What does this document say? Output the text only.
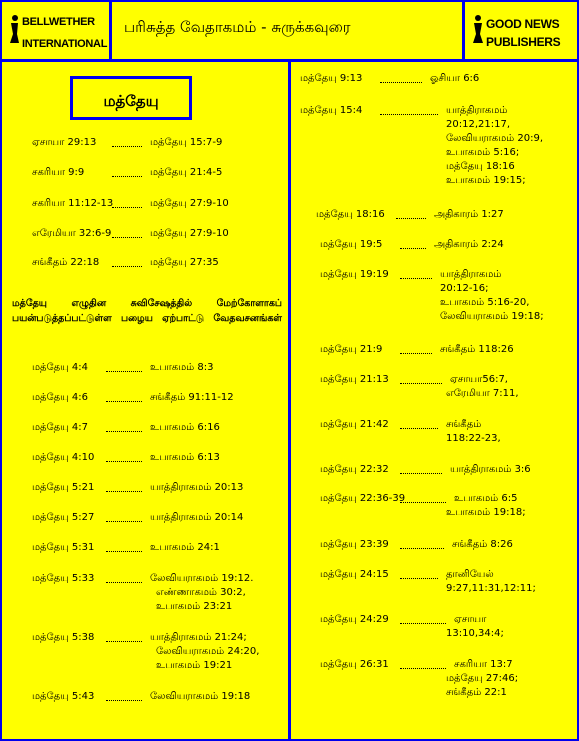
BELLWETHER
INTERNATIONAL
பரிசுத்த வேதாகமம் - சுருக்கவுரை	GOOD NEWS
PUBLISHERS
மத்தேயு
மத்தேயு எழுதின சுவிசேஷத்தில் மேற்கோளாகப் பயன்படுத்தப்பட்டுள்ள பழைய ஏற்பாட்டு வேதவசனங்கள்
ஏசாயா 29:13	மத்தேயு 15:7-9
சகரியா 9:9	மத்தேயு 21:4-5
சகரியா 11:12-13	மத்தேயு 27:9-10
எரேமியா 32:6-9	மத்தேயு 27:9-10
சங்கீதம் 22:18	மத்தேயு 27:35
மத்தேயு 4:4	உபாகமம் 8:3
மத்தேயு 4:6	சங்கீதம் 91:11-12
மத்தேயு 4:7	உபாகமம் 6:16
மத்தேயு 4:10	உபாகமம் 6:13
மத்தேயு 5:21	யாத்திராகமம் 20:13
மத்தேயு 5:27	யாத்திராகமம் 20:14
மத்தேயு 5:31	உபாகமம் 24:1
மத்தேயு 5:33	லேவியராகமம் 19:12.
எண்ணாகமம் 30:2,
உபாகமம் 23:21
மத்தேயு 5:38	யாத்திராகமம் 21:24;
லேவியராகமம் 24:20,
உபாகமம் 19:21
மத்தேயு 5:43	லேவியராகமம் 19:18
மத்தேயு 9:13	ஓசியா 6:6
மத்தேயு 15:4	யாத்திராகமம்
20:12,21:17,
லேவியராகமம் 20:9,
உபாகமம் 5:16;
மத்தேயு 18:16
உபாகமம் 19:15;
மத்தேயு 18:16	அதிகாரம் 1:27
மத்தேயு 19:5	அதிகாரம் 2:24
மத்தேயு 19:19	யாத்திராகமம்
20:12-16;
உபாகமம் 5:16-20,
லேவியராகமம் 19:18;
மத்தேயு 21:9	சங்கீதம் 118:26
மத்தேயு 21:13	ஏசாயா56:7,
எரேமியா 7:11,
மத்தேயு 21:42	சங்கீதம்
118:22-23,
மத்தேயு 22:32	யாத்திராகமம் 3:6
மத்தேயு 22:36-39	உபாகமம் 6:5
உபாகமம் 19:18;
மத்தேயு 23:39	சங்கீதம் 8:26
மத்தேயு 24:15	தானியேல்
9:27,11:31,12:11;
மத்தேயு 24:29	ஏசாயா
13:10,34:4;
மத்தேயு 26:31	சகரியா 13:7
மத்தேயு 27:46;
சங்கீதம் 22:1
